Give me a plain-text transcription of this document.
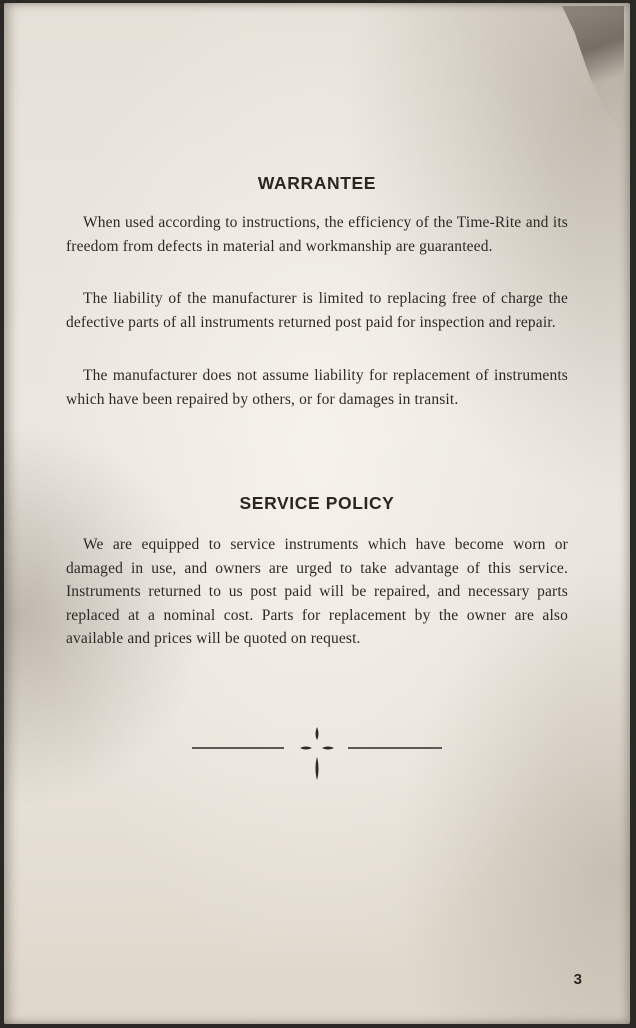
WARRANTEE

When used according to instructions, the efficiency of the Time-Rite and its freedom from defects in material and workmanship are guaranteed.

The liability of the manufacturer is limited to replacing free of charge the defective parts of all instruments returned post paid for inspection and repair.

The manufacturer does not assume liability for replacement of instruments which have been repaired by others, or for damages in transit.

SERVICE POLICY

We are equipped to service instruments which have become worn or damaged in use, and owners are urged to take advantage of this service. Instruments returned to us post paid will be repaired, and necessary parts replaced at a nominal cost. Parts for replacement by the owner are also available and prices will be quoted on request.

3
